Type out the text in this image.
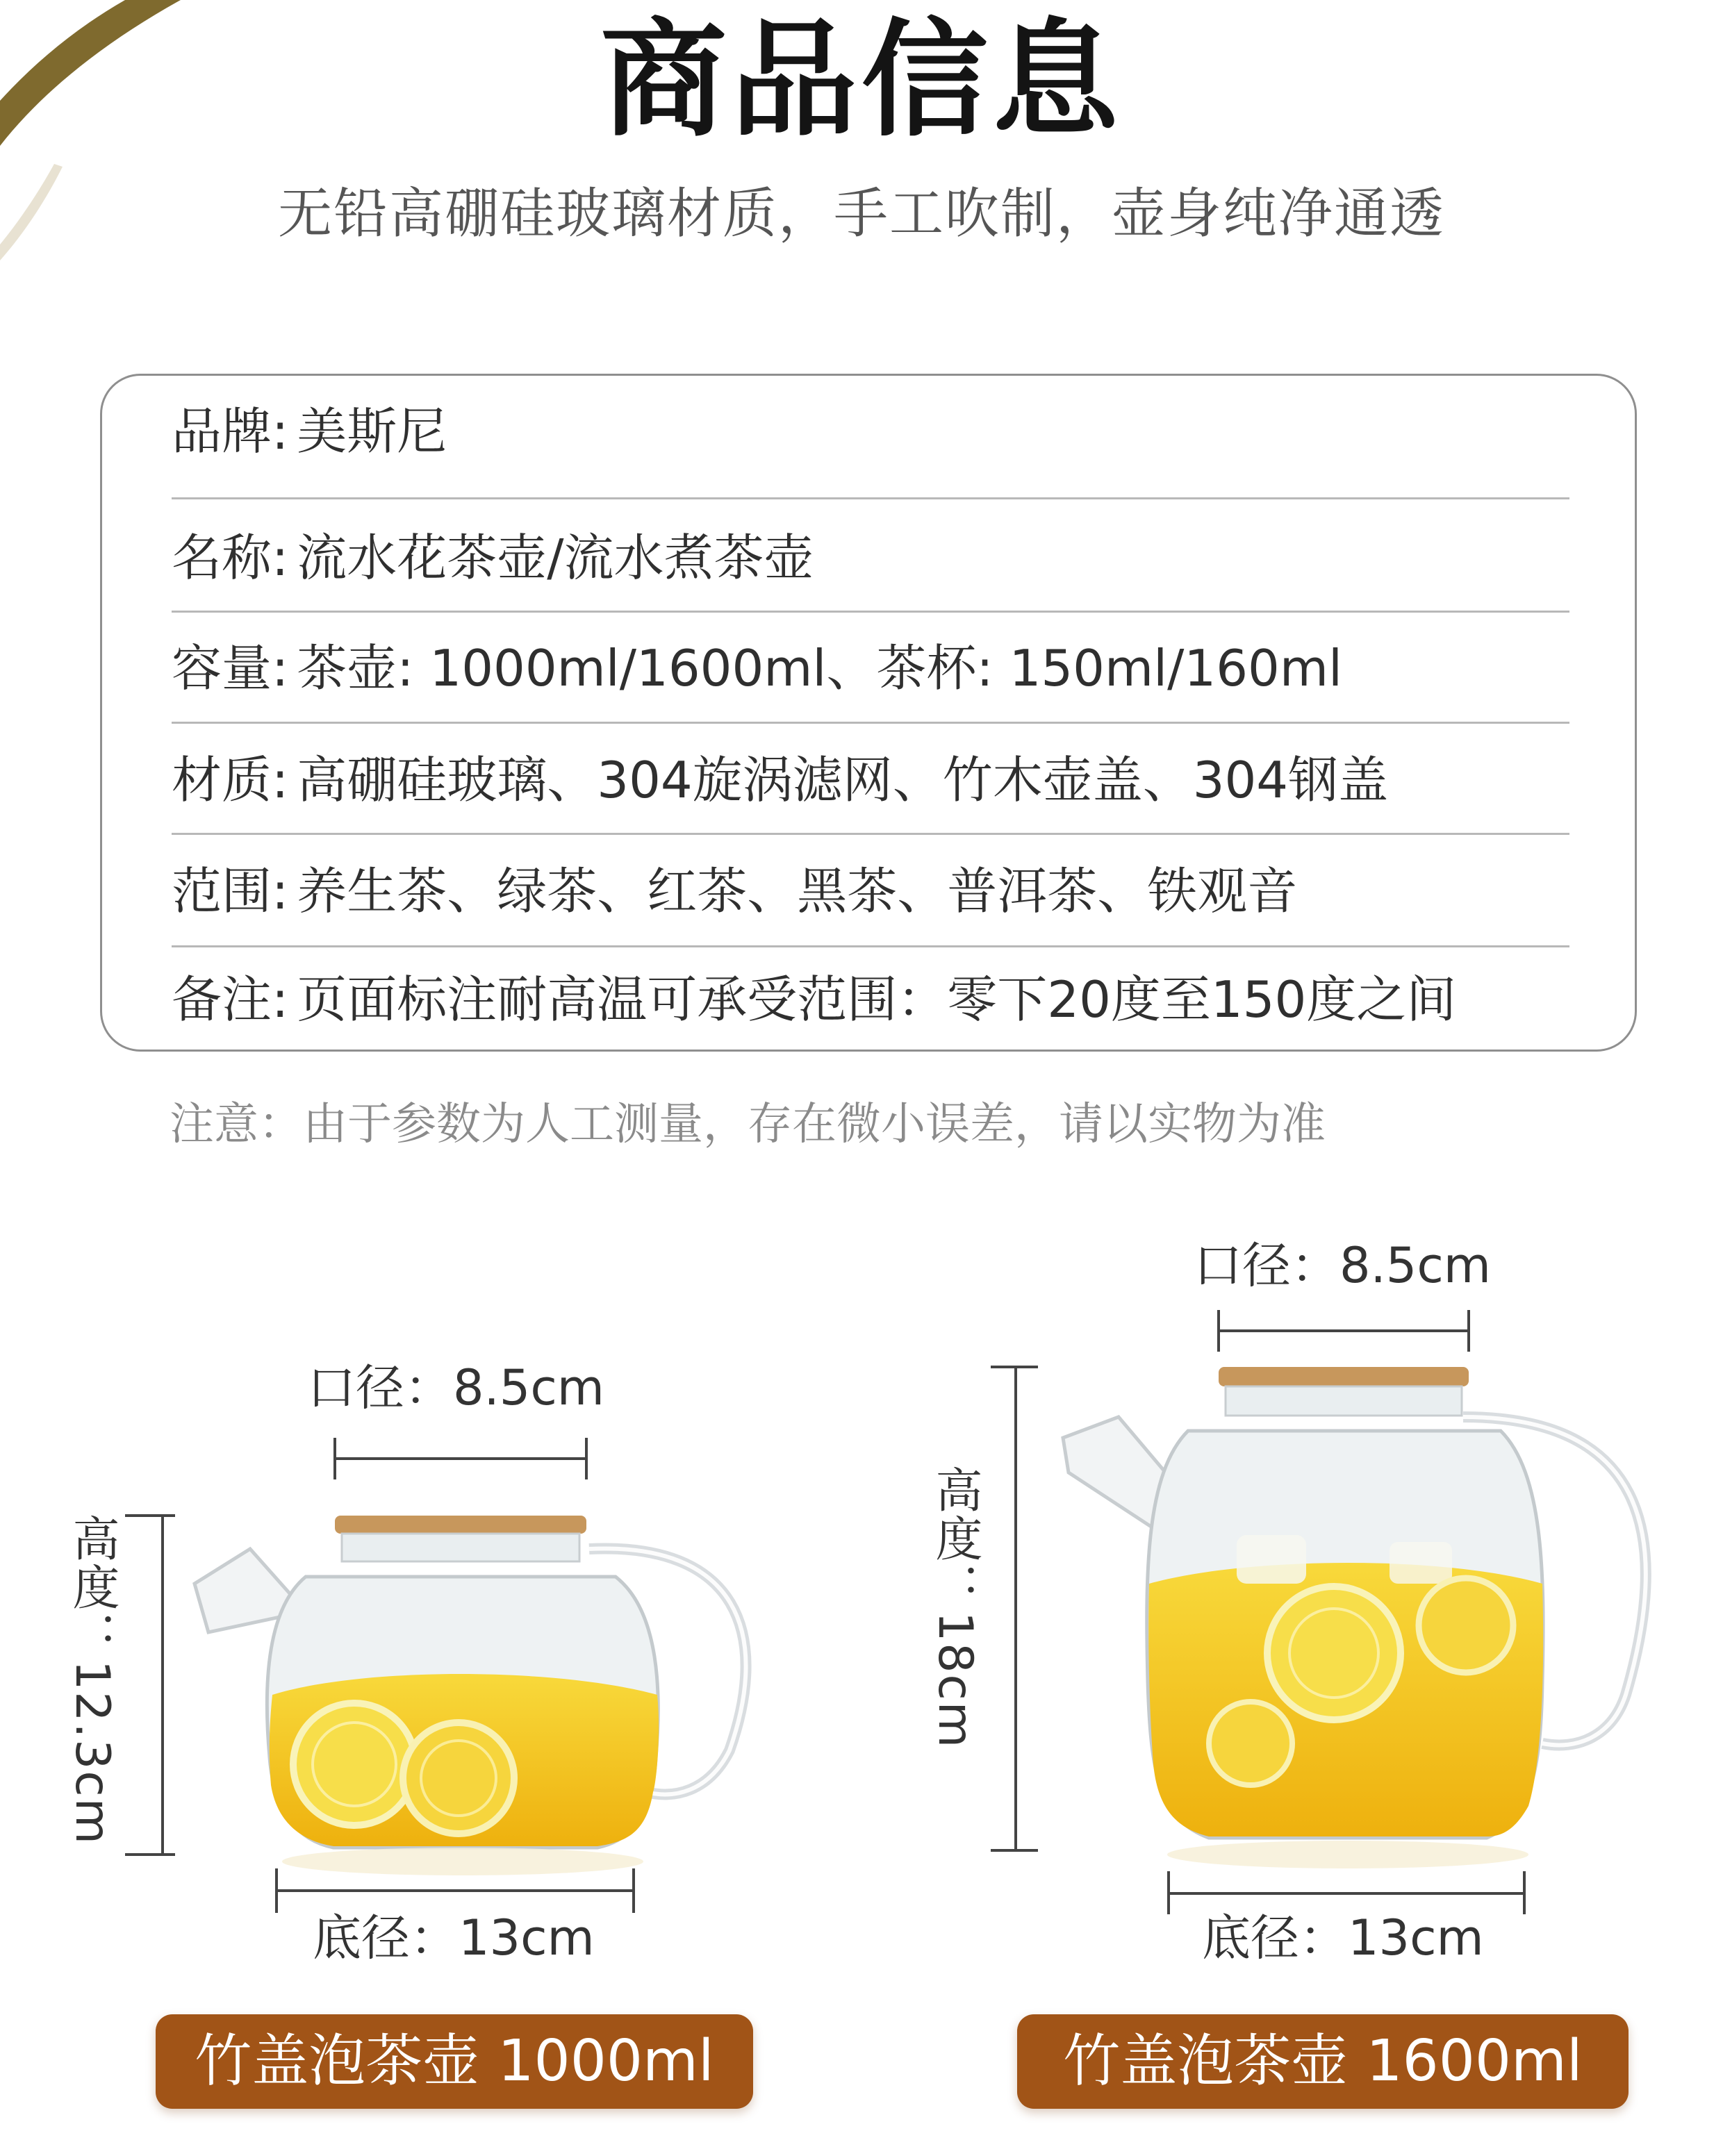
商品信息
无铅高硼硅玻璃材质，手工吹制，壶身纯净通透
品牌: 美斯尼
名称: 流水花茶壶/流水煮茶壶
容量: 茶壶: 1000ml/1600ml、茶杯: 150ml/160ml
材质: 高硼硅玻璃、304旋涡滤网、竹木壶盖、304钢盖
范围: 养生茶、绿茶、红茶、黑茶、普洱茶、铁观音
备注: 页面标注耐高温可承受范围：零下20度至150度之间
注意：由于参数为人工测量，存在微小误差，请以实物为准
口径：8.5cm
高度：12.3cm
底径：13cm
竹盖泡茶壶 1000ml
口径：8.5cm
高度：18cm
底径：13cm
竹盖泡茶壶 1600ml
